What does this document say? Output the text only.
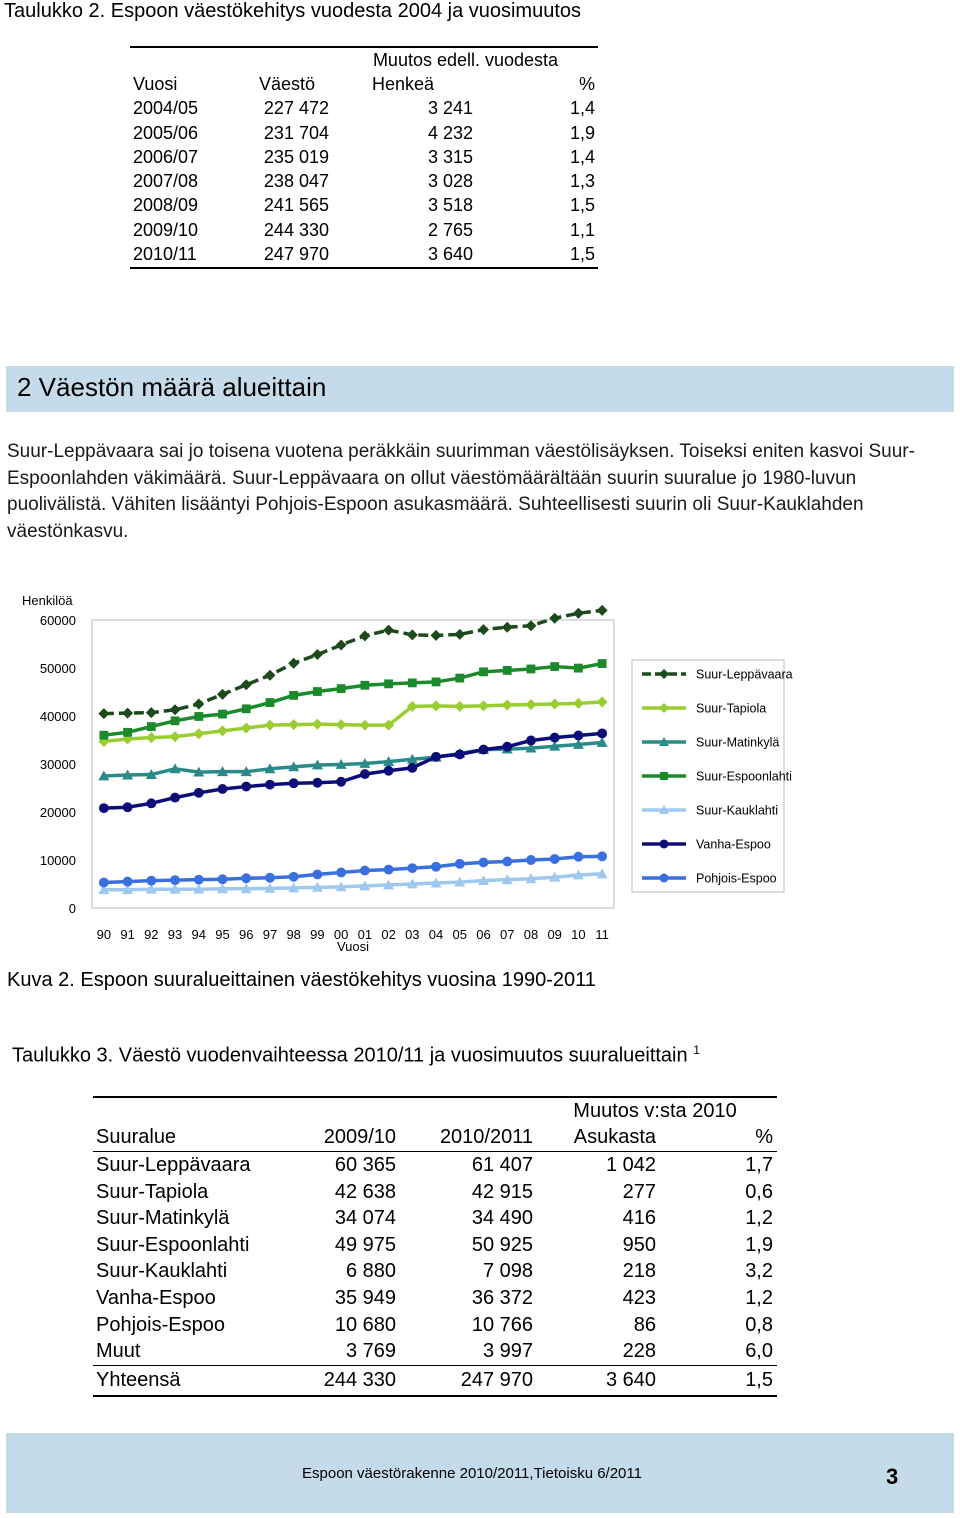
Taulukko 2. Espoon väestökehitys vuodesta 2004 ja vuosimuutos
		Muutos edell. vuodesta	
Vuosi	Väestö	Henkeä	%
2004/05	227 472	3 241	1,4
2005/06	231 704	4 232	1,9
2006/07	235 019	3 315	1,4
2007/08	238 047	3 028	1,3
2008/09	241 565	3 518	1,5
2009/10	244 330	2 765	1,1
2010/11	247 970	3 640	1,5
2 Väestön määrä alueittain
Suur-Leppävaara sai jo toisena vuotena peräkkäin suurimman väestölisäyksen. Toiseksi eniten kasvoi Suur-Espoonlahden väkimäärä. Suur-Leppävaara on ollut väestömäärältään suurin suuralue jo 1980-luvun puolivälistä. Vähiten lisääntyi Pohjois-Espoon asukasmäärä. Suhteellisesti suurin oli Suur-Kauklahden väestönkasvu.
Henkilöä
0
10000
20000
30000
40000
50000
60000
90 91 92 93 94 95 96 97 98 99 00 01 02 03 04 05 06 07 08 09 10 11
Vuosi
Suur-Leppävaara
Suur-Tapiola
Suur-Matinkylä
Suur-Espoonlahti
Suur-Kauklahti
Vanha-Espoo
Pohjois-Espoo
Kuva 2. Espoon suuralueittainen väestökehitys vuosina 1990-2011
Taulukko 3. Väestö vuodenvaihteessa 2010/11 ja vuosimuutos suuralueittain $^1$
			Muutos v:sta 2010	
Suuralue	2009/10	2010/2011	Asukasta	%
Suur-Leppävaara	60 365	61 407	1 042	1,7
Suur-Tapiola	42 638	42 915	277	0,6
Suur-Matinkylä	34 074	34 490	416	1,2
Suur-Espoonlahti	49 975	50 925	950	1,9
Suur-Kauklahti	6 880	7 098	218	3,2
Vanha-Espoo	35 949	36 372	423	1,2
Pohjois-Espoo	10 680	10 766	86	0,8
Muut	3 769	3 997	228	6,0
Yhteensä	244 330	247 970	3 640	1,5
Espoon väestörakenne 2010/2011,Tietoisku 6/2011	3
